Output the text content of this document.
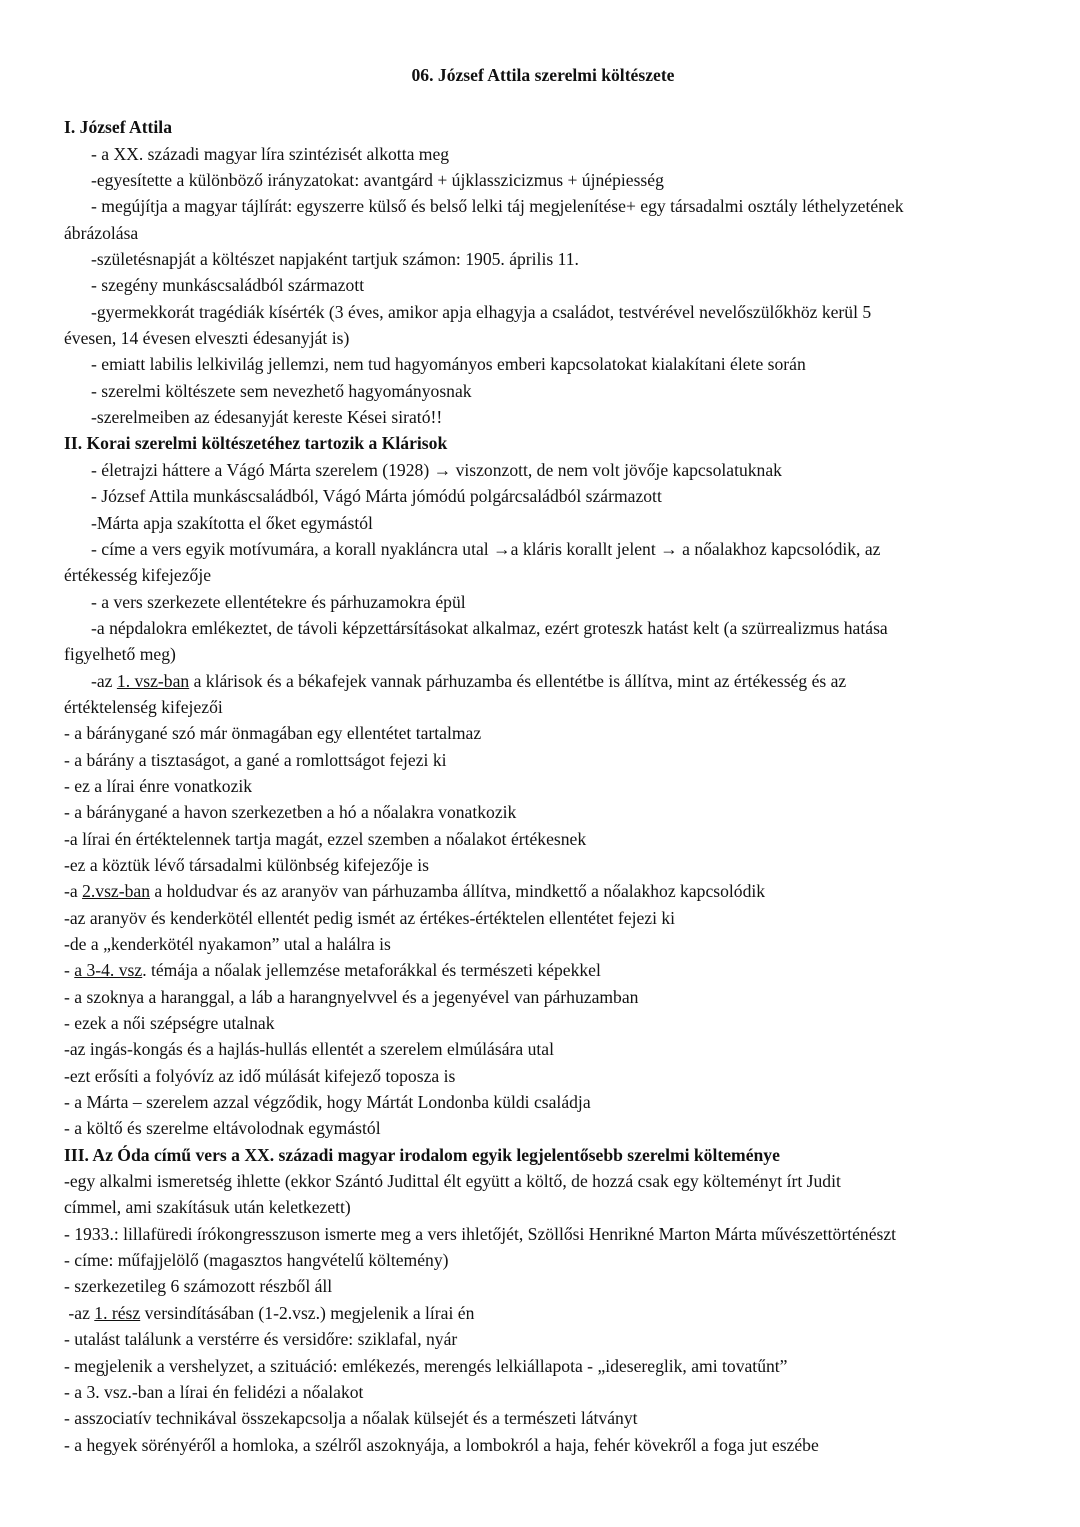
06. József Attila szerelmi költészete

I. József Attila

- a XX. századi magyar líra szintézisét alkotta meg

-egyesítette a különböző irányzatokat: avantgárd + újklasszicizmus + újnépiesség

- megújítja a magyar tájlírát: egyszerre külső és belső lelki táj megjelenítése+ egy társadalmi osztály léthelyzetének

ábrázolása

-születésnapját a költészet napjaként tartjuk számon: 1905. április 11.

- szegény munkáscsaládból származott

-gyermekkorát tragédiák kísérték (3 éves, amikor apja elhagyja a családot, testvérével nevelőszülőkhöz kerül 5

évesen, 14 évesen elveszti édesanyját is)

- emiatt labilis lelkivilág jellemzi, nem tud hagyományos emberi kapcsolatokat kialakítani élete során

- szerelmi költészete sem nevezhető hagyományosnak

-szerelmeiben az édesanyját kereste Kései sirató!!

II. Korai szerelmi költészetéhez tartozik a Klárisok

- életrajzi háttere a Vágó Márta szerelem (1928) → viszonzott, de nem volt jövője kapcsolatuknak

- József Attila munkáscsaládból, Vágó Márta jómódú polgárcsaládból származott

-Márta apja szakította el őket egymástól

- címe a vers egyik motívumára, a korall nyakláncra utal →a kláris korallt jelent → a nőalakhoz kapcsolódik, az

értékesség kifejezője

- a vers szerkezete ellentétekre és párhuzamokra épül

-a népdalokra emlékeztet, de távoli képzettársításokat alkalmaz, ezért groteszk hatást kelt (a szürrealizmus hatása

figyelhető meg)

-az 1. vsz-ban a klárisok és a békafejek vannak párhuzamba és ellentétbe is állítva, mint az értékesség és az

értéktelenség kifejezői

- a báránygané szó már önmagában egy ellentétet tartalmaz

- a bárány a tisztaságot, a gané a romlottságot fejezi ki

- ez a lírai énre vonatkozik

- a báránygané a havon szerkezetben a hó a nőalakra vonatkozik

-a lírai én értéktelennek tartja magát, ezzel szemben a nőalakot értékesnek

-ez a köztük lévő társadalmi különbség kifejezője is

-a 2.vsz-ban a holdudvar és az aranyöv van párhuzamba állítva, mindkettő a nőalakhoz kapcsolódik

-az aranyöv és kenderkötél ellentét pedig ismét az értékes-értéktelen ellentétet fejezi ki

-de a „kenderkötél nyakamon” utal a halálra is

- a 3-4. vsz. témája a nőalak jellemzése metaforákkal és természeti képekkel

- a szoknya a haranggal, a láb a harangnyelvvel és a jegenyével van párhuzamban

- ezek a női szépségre utalnak

-az ingás-kongás és a hajlás-hullás ellentét a szerelem elmúlására utal

-ezt erősíti a folyóvíz az idő múlását kifejező toposza is

- a Márta – szerelem azzal végződik, hogy Mártát Londonba küldi családja

- a költő és szerelme eltávolodnak egymástól

III. Az Óda című vers a XX. századi magyar irodalom egyik legjelentősebb szerelmi költeménye

-egy alkalmi ismeretség ihlette (ekkor Szántó Judittal élt együtt a költő, de hozzá csak egy költeményt írt Judit

címmel, ami szakításuk után keletkezett)

- 1933.: lillafüredi írókongresszuson ismerte meg a vers ihletőjét, Szöllősi Henrikné Marton Márta művészettörténészt

- címe: műfajjelölő (magasztos hangvételű költemény)

- szerkezetileg 6 számozott részből áll

-az 1. rész versindításában (1-2.vsz.) megjelenik a lírai én

- utalást találunk a verstérre és versidőre: sziklafal, nyár

- megjelenik a vershelyzet, a szituáció: emlékezés, merengés lelkiállapota - „idesereglik, ami tovatűnt”

- a 3. vsz.-ban a lírai én felidézi a nőalakot

- asszociatív technikával összekapcsolja a nőalak külsejét és a természeti látványt

- a hegyek sörényéről a homloka, a szélről aszoknyája, a lombokról a haja, fehér kövekről a foga jut eszébe
